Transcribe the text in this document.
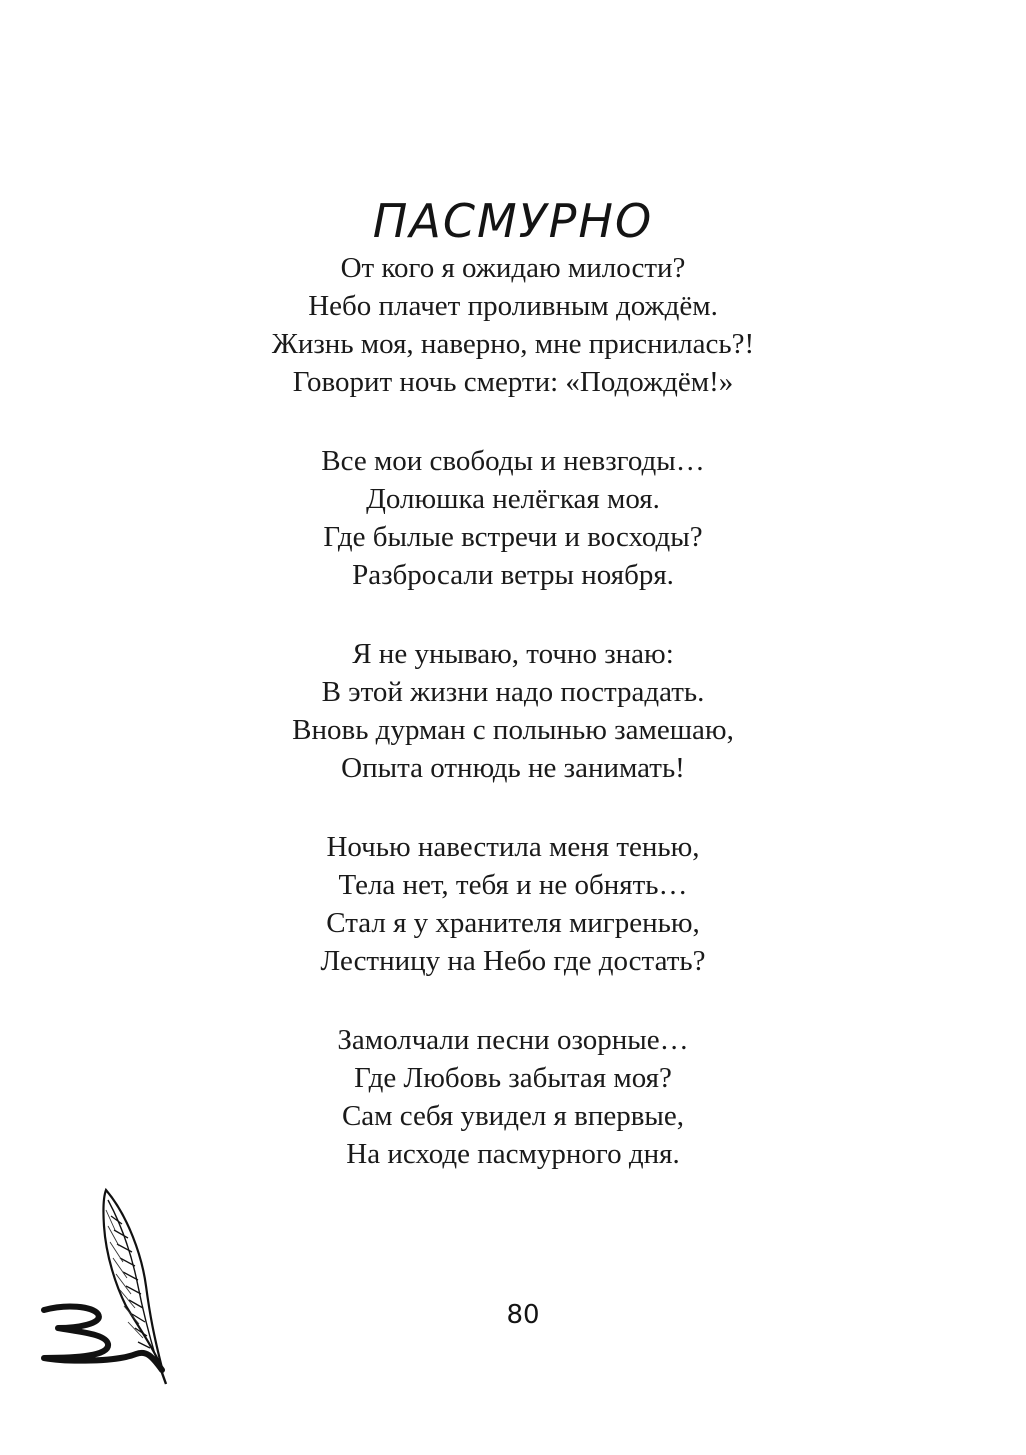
ПАСМУРНО
От кого я ожидаю милости?
Небо плачет проливным дождём.
Жизнь моя, наверно, мне приснилась?!
Говорит ночь смерти: «Подождём!»
Все мои свободы и невзгоды…
Долюшка нелёгкая моя.
Где былые встречи и восходы?
Разбросали ветры ноября.
Я не унываю, точно знаю:
В этой жизни надо пострадать.
Вновь дурман с полынью замешаю,
Опыта отнюдь не занимать!
Ночью навестила меня тенью,
Тела нет, тебя и не обнять…
Стал я у хранителя мигренью,
Лестницу на Небо где достать?
Замолчали песни озорные…
Где Любовь забытая моя?
Сам себя увидел я впервые,
На исходе пасмурного дня.
80
